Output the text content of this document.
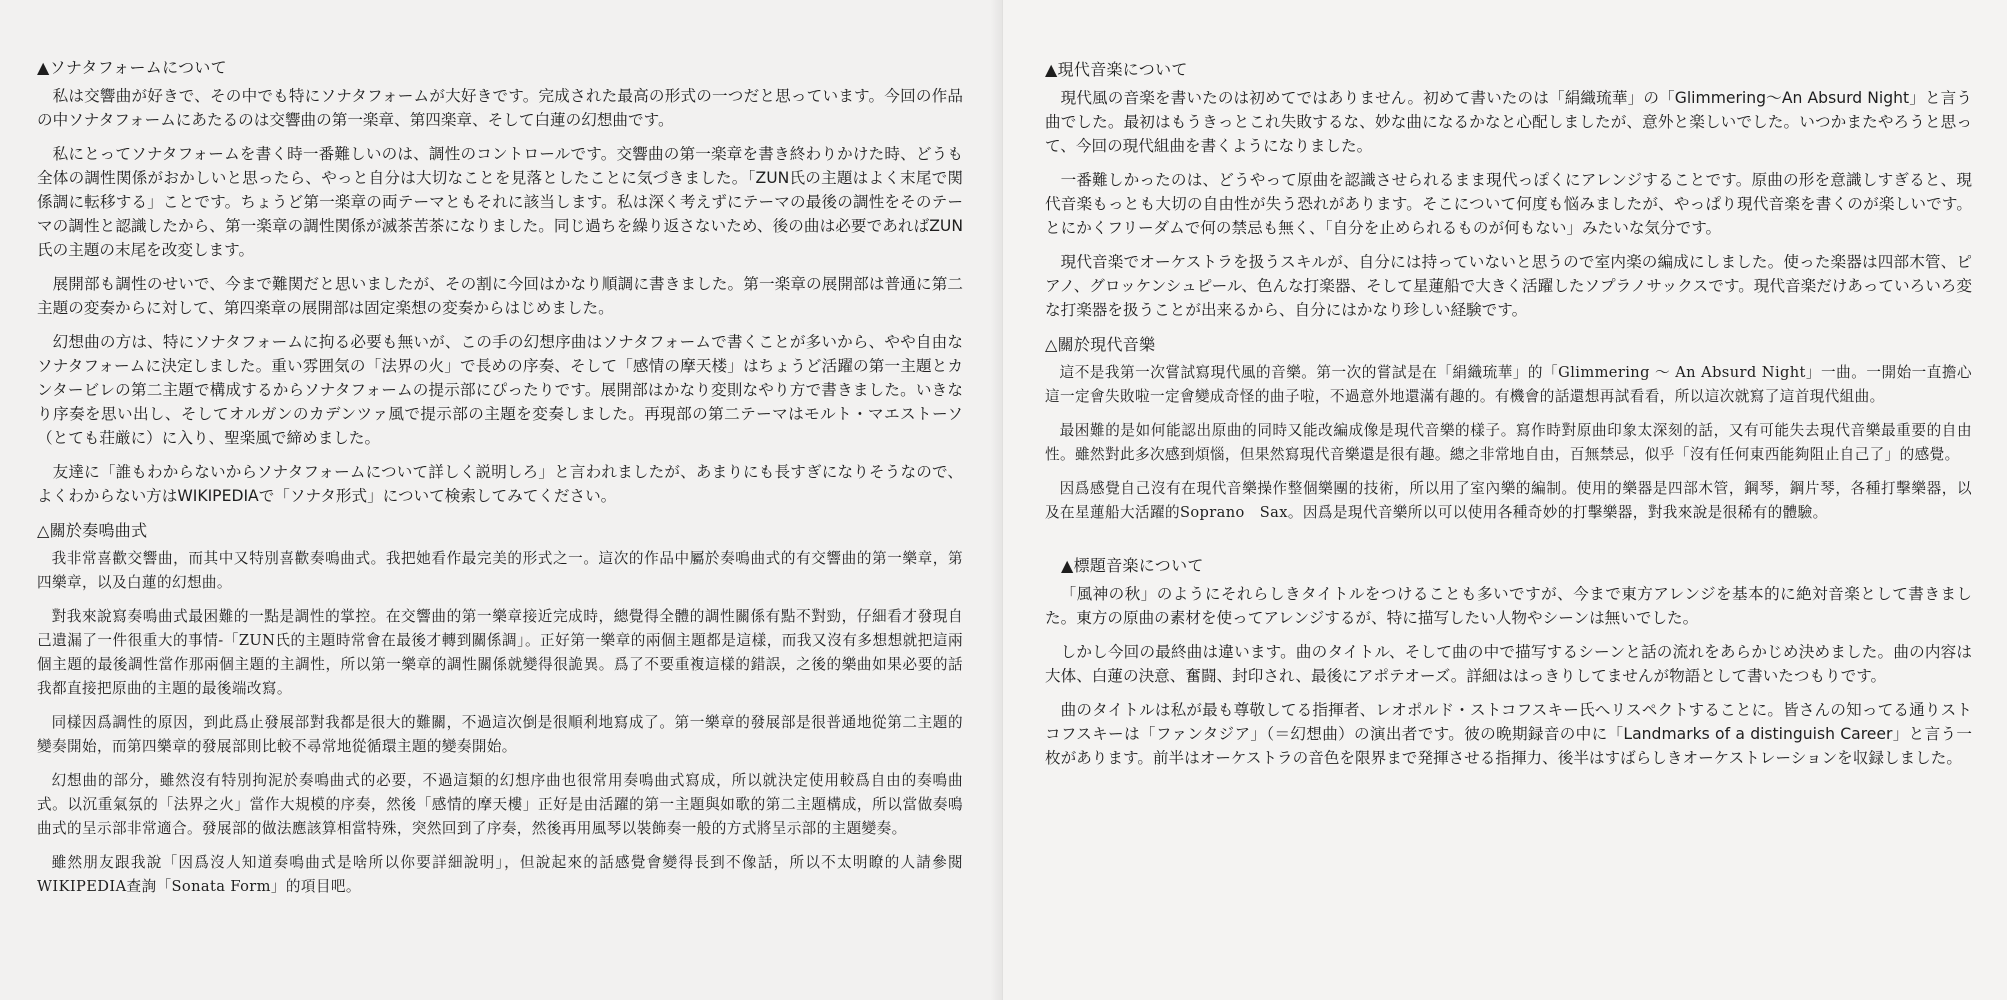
▲ソナタフォームについて

私は交響曲が好きで、その中でも特にソナタフォームが大好きです。完成された最高の形式の一つだと思っています。今回の作品の中ソナタフォームにあたるのは交響曲の第一楽章、第四楽章、そして白蓮の幻想曲です。

私にとってソナタフォームを書く時一番難しいのは、調性のコントロールです。交響曲の第一楽章を書き終わりかけた時、どうも全体の調性関係がおかしいと思ったら、やっと自分は大切なことを見落としたことに気づきました。「ZUN氏の主題はよく末尾で関係調に転移する」ことです。ちょうど第一楽章の両テーマともそれに該当します。私は深く考えずにテーマの最後の調性をそのテーマの調性と認識したから、第一楽章の調性関係が滅茶苦茶になりました。同じ過ちを繰り返さないため、後の曲は必要であればZUN氏の主題の末尾を改変します。

展開部も調性のせいで、今まで難関だと思いましたが、その割に今回はかなり順調に書きました。第一楽章の展開部は普通に第二主題の変奏からに対して、第四楽章の展開部は固定楽想の変奏からはじめました。

幻想曲の方は、特にソナタフォームに拘る必要も無いが、この手の幻想序曲はソナタフォームで書くことが多いから、やや自由なソナタフォームに決定しました。重い雰囲気の「法界の火」で長めの序奏、そして「感情の摩天楼」はちょうど活躍の第一主題とカンタービレの第二主題で構成するからソナタフォームの提示部にぴったりです。展開部はかなり変則なやり方で書きました。いきなり序奏を思い出し、そしてオルガンのカデンツァ風で提示部の主題を変奏しました。再現部の第二テーマはモルト・マエストーソ（とても荘厳に）に入り、聖楽風で締めました。

友達に「誰もわからないからソナタフォームについて詳しく説明しろ」と言われましたが、あまりにも長すぎになりそうなので、よくわからない方はWIKIPEDIAで「ソナタ形式」について検索してみてください。

△關於奏鳴曲式

我非常喜歡交響曲，而其中又特別喜歡奏鳴曲式。我把她看作最完美的形式之一。這次的作品中屬於奏鳴曲式的有交響曲的第一樂章，第四樂章，以及白蓮的幻想曲。

對我來說寫奏鳴曲式最困難的一點是調性的掌控。在交響曲的第一樂章接近完成時，總覺得全體的調性關係有點不對勁，仔細看才發現自己遺漏了一件很重大的事情-「ZUN氏的主題時常會在最後才轉到關係調」。正好第一樂章的兩個主題都是這樣，而我又沒有多想想就把這兩個主題的最後調性當作那兩個主題的主調性，所以第一樂章的調性關係就變得很詭異。爲了不要重複這樣的錯誤，之後的樂曲如果必要的話我都直接把原曲的主題的最後端改寫。

同樣因爲調性的原因，到此爲止發展部對我都是很大的難關，不過這次倒是很順利地寫成了。第一樂章的發展部是很普通地從第二主題的變奏開始，而第四樂章的發展部則比較不尋常地從循環主題的變奏開始。

幻想曲的部分，雖然沒有特別拘泥於奏鳴曲式的必要，不過這類的幻想序曲也很常用奏鳴曲式寫成，所以就決定使用較爲自由的奏鳴曲式。以沉重氣氛的「法界之火」當作大規模的序奏，然後「感情的摩天樓」正好是由活躍的第一主題與如歌的第二主題構成，所以當做奏鳴曲式的呈示部非常適合。發展部的做法應該算相當特殊，突然回到了序奏，然後再用風琴以裝飾奏一般的方式將呈示部的主題變奏。

雖然朋友跟我說「因爲沒人知道奏鳴曲式是啥所以你要詳細說明」，但說起來的話感覺會變得長到不像話，所以不太明瞭的人請參閱WIKIPEDIA查詢「Sonata Form」的項目吧。

▲現代音楽について

現代風の音楽を書いたのは初めてではありません。初めて書いたのは「絹織琉華」の「Glimmering～An Absurd Night」と言う曲でした。最初はもうきっとこれ失敗するな、妙な曲になるかなと心配しましたが、意外と楽しいでした。いつかまたやろうと思って、今回の現代組曲を書くようになりました。

一番難しかったのは、どうやって原曲を認識させられるまま現代っぽくにアレンジすることです。原曲の形を意識しすぎると、現代音楽もっとも大切の自由性が失う恐れがあります。そこについて何度も悩みましたが、やっぱり現代音楽を書くのが楽しいです。とにかくフリーダムで何の禁忌も無く、「自分を止められるものが何もない」みたいな気分です。

現代音楽でオーケストラを扱うスキルが、自分には持っていないと思うので室内楽の編成にしました。使った楽器は四部木管、ピアノ、グロッケンシュピール、色んな打楽器、そして星蓮船で大きく活躍したソプラノサックスです。現代音楽だけあっていろいろ変な打楽器を扱うことが出来るから、自分にはかなり珍しい経験です。

△關於現代音樂

這不是我第一次嘗試寫現代風的音樂。第一次的嘗試是在「絹織琉華」的「Glimmering ～ An Absurd Night」一曲。一開始一直擔心這一定會失敗啦一定會變成奇怪的曲子啦，不過意外地還滿有趣的。有機會的話還想再試看看，所以這次就寫了這首現代組曲。

最困難的是如何能認出原曲的同時又能改編成像是現代音樂的樣子。寫作時對原曲印象太深刻的話，又有可能失去現代音樂最重要的自由性。雖然對此多次感到煩惱，但果然寫現代音樂還是很有趣。總之非常地自由，百無禁忌，似乎「沒有任何東西能夠阻止自己了」的感覺。

因爲感覺自己沒有在現代音樂操作整個樂團的技術，所以用了室內樂的編制。使用的樂器是四部木管，鋼琴，鋼片琴，各種打擊樂器，以及在星蓮船大活躍的Soprano　Sax。因爲是現代音樂所以可以使用各種奇妙的打擊樂器，對我來說是很稀有的體驗。

▲標題音楽について

「風神の秋」のようにそれらしきタイトルをつけることも多いですが、今まで東方アレンジを基本的に絶対音楽として書きました。東方の原曲の素材を使ってアレンジするが、特に描写したい人物やシーンは無いでした。

しかし今回の最終曲は違います。曲のタイトル、そして曲の中で描写するシーンと話の流れをあらかじめ決めました。曲の内容は大体、白蓮の決意、奮闘、封印され、最後にアポテオーズ。詳細ははっきりしてませんが物語として書いたつもりです。

曲のタイトルは私が最も尊敬してる指揮者、レオポルド・ストコフスキー氏へリスペクトすることに。皆さんの知ってる通りストコフスキーは「ファンタジア」（＝幻想曲）の演出者です。彼の晩期録音の中に「Landmarks of a distinguish Career」と言う一枚があります。前半はオーケストラの音色を限界まで発揮させる指揮力、後半はすばらしきオーケストレーションを収録しました。
